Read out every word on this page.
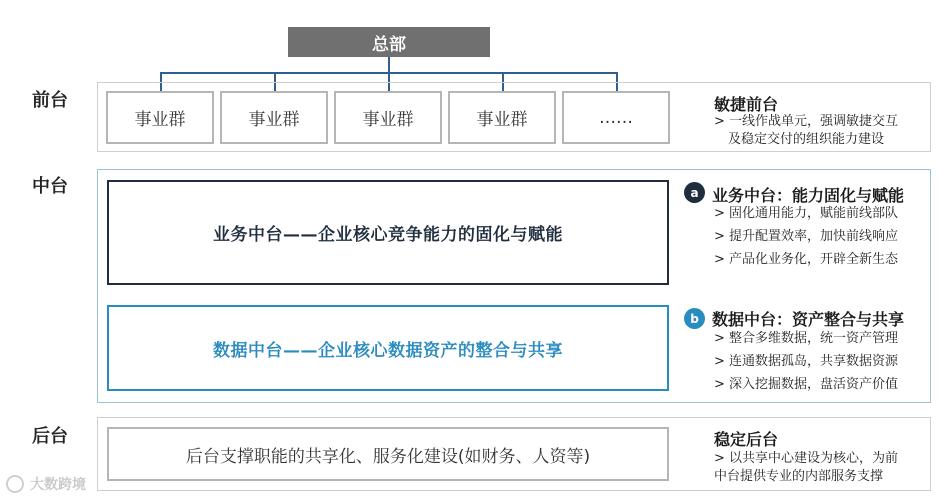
总部
前台
中台
后台
事业群	事业群	事业群	事业群	……
敏捷前台
> 一线作战单元，强调敏捷交互
及稳定交付的组织能力建设
业务中台——企业核心竞争能力的固化与赋能
数据中台——企业核心数据资产的整合与共享
a 业务中台：能力固化与赋能
> 固化通用能力，赋能前线部队
> 提升配置效率，加快前线响应
> 产品化业务化，开辟全新生态
b 数据中台：资产整合与共享
> 整合多维数据，统一资产管理
> 连通数据孤岛，共享数据资源
> 深入挖掘数据，盘活资产价值
后台支撑职能的共享化、服务化建设(如财务、人资等)
稳定后台
> 以共享中心建设为核心，为前
中台提供专业的内部服务支撑
大数跨境
